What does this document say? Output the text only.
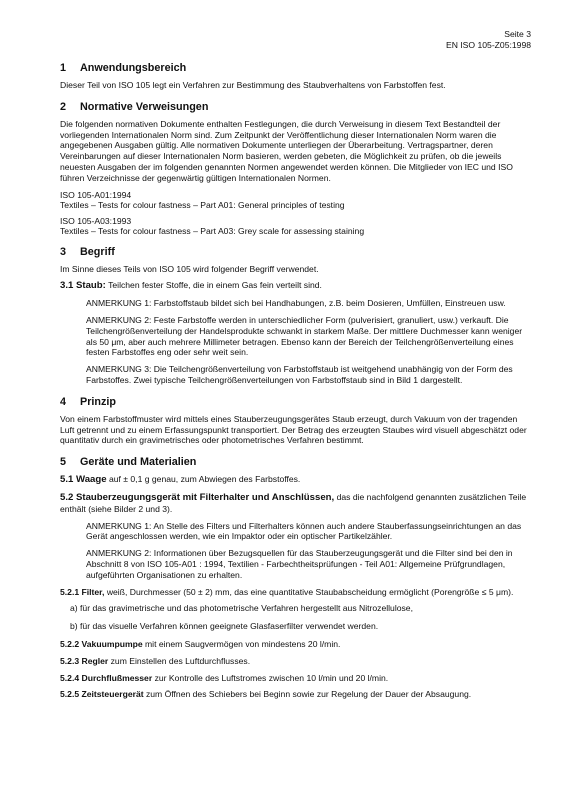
Seite 3
EN ISO 105-Z05:1998
1 Anwendungsbereich

Dieser Teil von ISO 105 legt ein Verfahren zur Bestimmung des Staubverhaltens von Farbstoffen fest.

2 Normative Verweisungen

Die folgenden normativen Dokumente enthalten Festlegungen, die durch Verweisung in diesem Text Bestandteil der vorliegenden Internationalen Norm sind. Zum Zeitpunkt der Veröffentlichung dieser Internationalen Norm waren die angegebenen Ausgaben gültig. Alle normativen Dokumente unterliegen der Überarbeitung. Vertragspartner, deren Vereinbarungen auf dieser Internationalen Norm basieren, werden gebeten, die Möglichkeit zu prüfen, ob die jeweils neuesten Ausgaben der im folgenden genannten Normen angewendet werden können. Die Mitglieder von IEC und ISO führen Verzeichnisse der gegenwärtig gültigen Internationalen Normen.

ISO 105-A01:1994
Textiles – Tests for colour fastness – Part A01: General principles of testing
ISO 105-A03:1993
Textiles – Tests for colour fastness – Part A03: Grey scale for assessing staining
3 Begriff

Im Sinne dieses Teils von ISO 105 wird folgender Begriff verwendet.

3.1 Staub: Teilchen fester Stoffe, die in einem Gas fein verteilt sind.

ANMERKUNG 1: Farbstoffstaub bildet sich bei Handhabungen, z.B. beim Dosieren, Umfüllen, Einstreuen usw.

ANMERKUNG 2: Feste Farbstoffe werden in unterschiedlicher Form (pulverisiert, granuliert, usw.) verkauft. Die Teilchengrößenverteilung der Handelsprodukte schwankt in starkem Maße. Der mittlere Duchmesser kann weniger als 50 μm, aber auch mehrere Millimeter betragen. Ebenso kann der Bereich der Teilchengrößenverteilung eines festen Farbstoffes eng oder sehr weit sein.

ANMERKUNG 3: Die Teilchengrößenverteilung von Farbstoffstaub ist weitgehend unabhängig von der Form des Farbstoffes. Zwei typische Teilchengrößenverteilungen von Farbstoffstaub sind in Bild 1 dargestellt.

4 Prinzip

Von einem Farbstoffmuster wird mittels eines Stauberzeugungsgerätes Staub erzeugt, durch Vakuum von der tragenden Luft getrennt und zu einem Erfassungspunkt transportiert. Der Betrag des erzeugten Staubes wird visuell abgeschätzt oder quantitativ durch ein gravimetrisches oder photometrisches Verfahren bestimmt.

5 Geräte und Materialien

5.1 Waage auf ± 0,1 g genau, zum Abwiegen des Farbstoffes.

5.2 Stauberzeugungsgerät mit Filterhalter und Anschlüssen, das die nachfolgend genannten zusätzlichen Teile enthält (siehe Bilder 2 und 3).

ANMERKUNG 1: An Stelle des Filters und Filterhalters können auch andere Stauberfassungseinrichtungen an das Gerät angeschlossen werden, wie ein Impaktor oder ein optischer Partikelzähler.

ANMERKUNG 2: Informationen über Bezugsquellen für das Stauberzeugungsgerät und die Filter sind bei den in Abschnitt 8 von ISO 105-A01 : 1994, Textilien - Farbechtheitsprüfungen - Teil A01: Allgemeine Prüfgrundlagen, aufgeführten Organisationen zu erhalten.

5.2.1 Filter, weiß, Durchmesser (50 ± 2) mm, das eine quantitative Staubabscheidung ermöglicht (Porengröße ≤ 5 μm).

a) für das gravimetrische und das photometrische Verfahren hergestellt aus Nitrozellulose,

b) für das visuelle Verfahren können geeignete Glasfaserfilter verwendet werden.

5.2.2 Vakuumpumpe mit einem Saugvermögen von mindestens 20 l/min.

5.2.3 Regler zum Einstellen des Luftdurchflusses.

5.2.4 Durchflußmesser zur Kontrolle des Luftstromes zwischen 10 l/min und 20 l/min.

5.2.5 Zeitsteuergerät zum Öffnen des Schiebers bei Beginn sowie zur Regelung der Dauer der Absaugung.
